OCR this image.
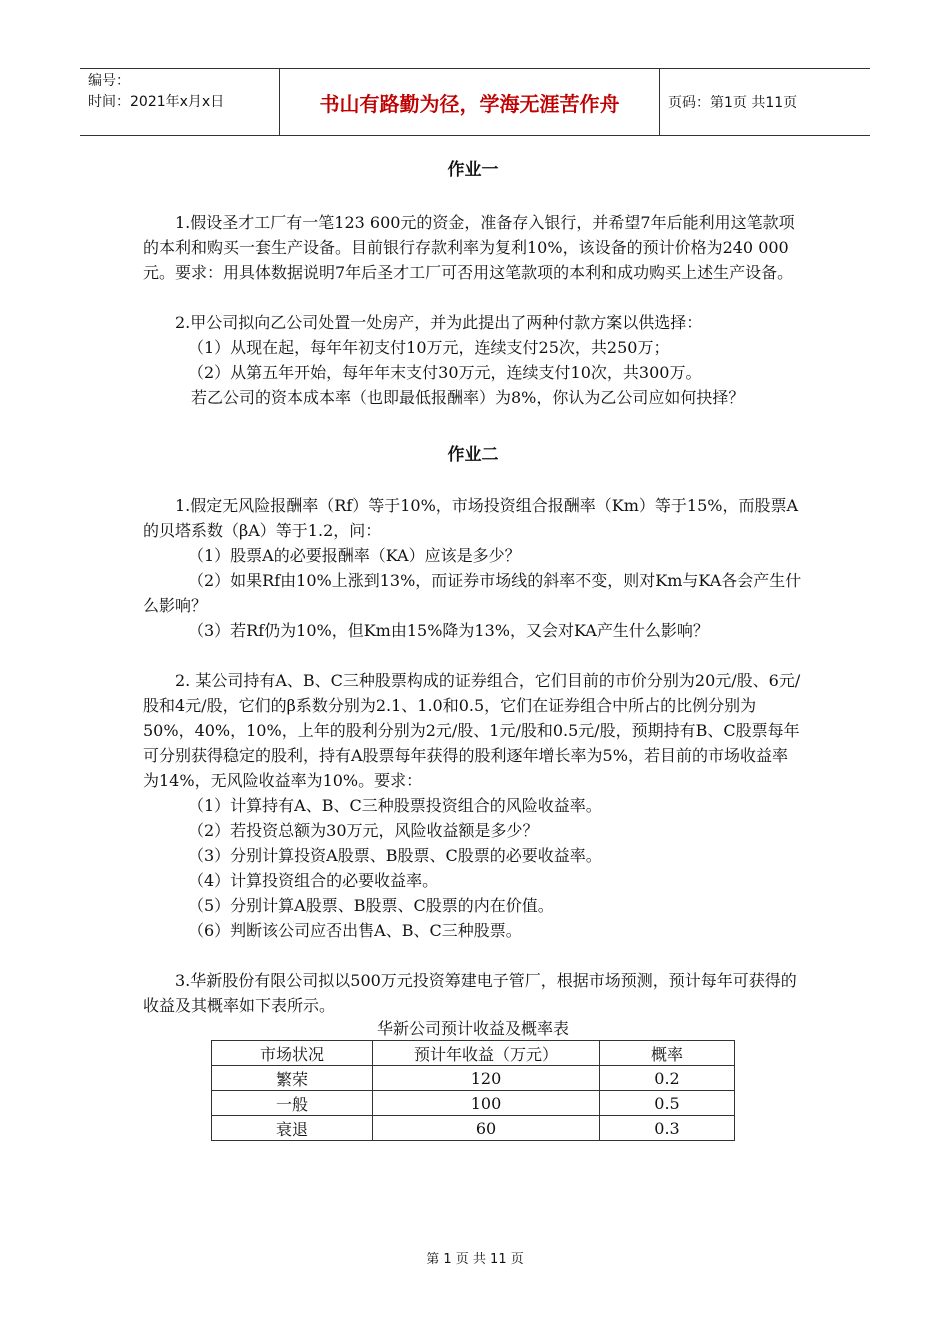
编号：
时间：2021年x月x日	书山有路勤为径，学海无涯苦作舟	页码：第1页 共11页
作业一

1.假设圣才工厂有一笔123 600元的资金，准备存入银行，并希望7年后能利用这笔款项的本利和购买一套生产设备。目前银行存款利率为复利10%，该设备的预计价格为240 000元。要求：用具体数据说明7年后圣才工厂可否用这笔款项的本利和成功购买上述生产设备。

2.甲公司拟向乙公司处置一处房产，并为此提出了两种付款方案以供选择：

（1）从现在起，每年年初支付10万元，连续支付25次，共250万；

（2）从第五年开始，每年年末支付30万元，连续支付10次，共300万。

若乙公司的资本成本率（也即最低报酬率）为8%，你认为乙公司应如何抉择？

作业二

1.假定无风险报酬率（Rf）等于10%，市场投资组合报酬率（Km）等于15%，而股票A的贝塔系数（βA）等于1.2，问：

（1）股票A的必要报酬率（KA）应该是多少？

（2）如果Rf由10%上涨到13%，而证券市场线的斜率不变，则对Km与KA各会产生什么影响？

（3）若Rf仍为10%，但Km由15%降为13%，又会对KA产生什么影响？

2. 某公司持有A、B、C三种股票构成的证券组合，它们目前的市价分别为20元/股、6元/股和4元/股，它们的β系数分别为2.1、1.0和0.5，它们在证券组合中所占的比例分别为50%，40%，10%，上年的股利分别为2元/股、1元/股和0.5元/股，预期持有B、C股票每年可分别获得稳定的股利，持有A股票每年获得的股利逐年增长率为5%，若目前的市场收益率为14%，无风险收益率为10%。要求：

（1）计算持有A、B、C三种股票投资组合的风险收益率。

（2）若投资总额为30万元，风险收益额是多少？

（3）分别计算投资A股票、B股票、C股票的必要收益率。

（4）计算投资组合的必要收益率。

（5）分别计算A股票、B股票、C股票的内在价值。

（6）判断该公司应否出售A、B、C三种股票。

3.华新股份有限公司拟以500万元投资筹建电子管厂，根据市场预测，预计每年可获得的收益及其概率如下表所示。

华新公司预计收益及概率表

市场状况	预计年收益（万元）	概率
繁荣	120	0.2
一般	100	0.5
衰退	60	0.3
第 1 页 共 11 页
